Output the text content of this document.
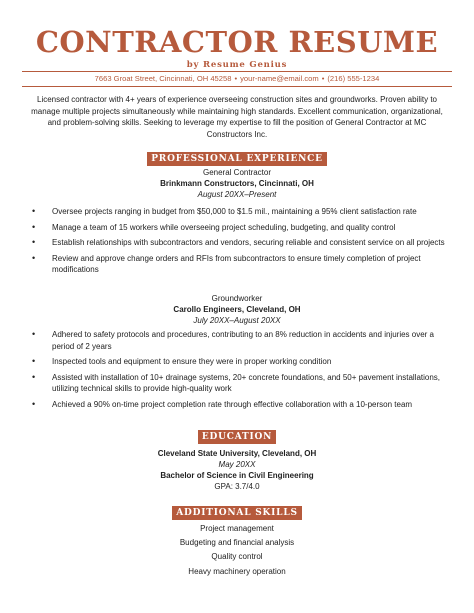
CONTRACTOR RESUME
by Resume Genius
7663 Groat Street, Cincinnati, OH 45258 • your-name@email.com • (216) 555-1234
Licensed contractor with 4+ years of experience overseeing construction sites and groundworks. Proven ability to manage multiple projects simultaneously while maintaining high standards. Excellent communication, organizational, and problem-solving skills. Seeking to leverage my expertise to fill the position of General Contractor at MC Constructors Inc.
PROFESSIONAL EXPERIENCE
General Contractor
Brinkmann Constructors, Cincinnati, OH
August 20XX–Present
• Oversee projects ranging in budget from $50,000 to $1.5 mil., maintaining a 95% client satisfaction rate
• Manage a team of 15 workers while overseeing project scheduling, budgeting, and quality control
• Establish relationships with subcontractors and vendors, securing reliable and consistent service on all projects
• Review and approve change orders and RFIs from subcontractors to ensure timely completion of project modifications
Groundworker
Carollo Engineers, Cleveland, OH
July 20XX–August 20XX
• Adhered to safety protocols and procedures, contributing to an 8% reduction in accidents and injuries over a period of 2 years
• Inspected tools and equipment to ensure they were in proper working condition
• Assisted with installation of 10+ drainage systems, 20+ concrete foundations, and 50+ pavement installations, utilizing technical skills to provide high-quality work
• Achieved a 90% on-time project completion rate through effective collaboration with a 10-person team
EDUCATION
Cleveland State University, Cleveland, OH
May 20XX
Bachelor of Science in Civil Engineering
GPA: 3.7/4.0
ADDITIONAL SKILLS
Project management
Budgeting and financial analysis
Quality control
Heavy machinery operation
